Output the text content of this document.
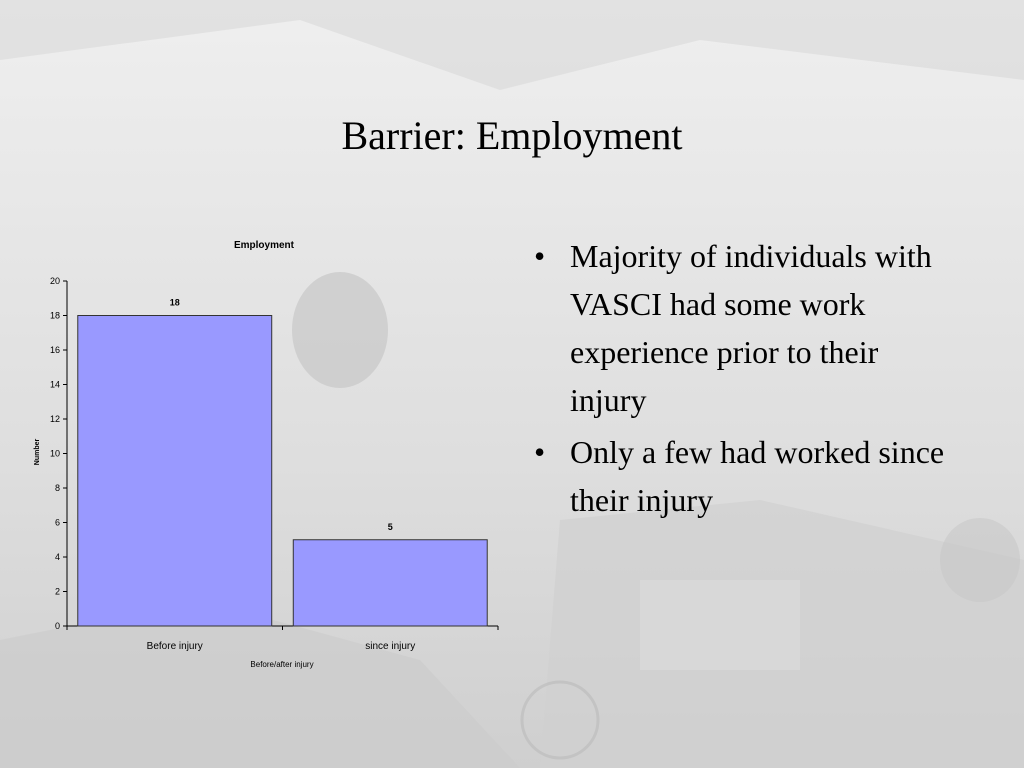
Barrier: Employment
Employment
0
2
4
6
8
10
12
14
16
18
20
Before injury	since injury
18
5
Number
Before/after injury
• Majority of individuals with VASCI had some work experience prior to their injury
• Only a few had worked since their injury
